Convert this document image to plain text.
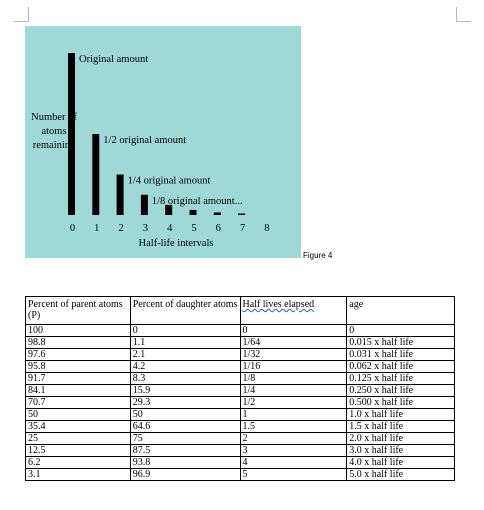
Original amount
1/2 original amount
1/4 original amount
1/8 original amount...
0 1 2 3 4 5 6 7 8
Number of
atoms
remaining
Half-life intervals
Figure 4
Percent of parent atoms (P)	Percent of daughter atoms	Half lives elapsed	age
100	0	0	0
98.8	1.1	1/64	0.015 x half life
97.6	2.1	1/32	0.031 x half life
95.8	4.2	1/16	0.062 x half life
91.7	8.3	1/8	0.125 x half life
84.1	15.9	1/4	0.250 x half life
70.7	29.3	1/2	0.500 x half life
50	50	1	1.0 x half life
35.4	64.6	1.5	1.5 x half life
25	75	2	2.0 x half life
12.5	87.5	3	3.0 x half life
6.2	93.8	4	4.0 x half life
3.1	96.9	5	5.0 x half life
